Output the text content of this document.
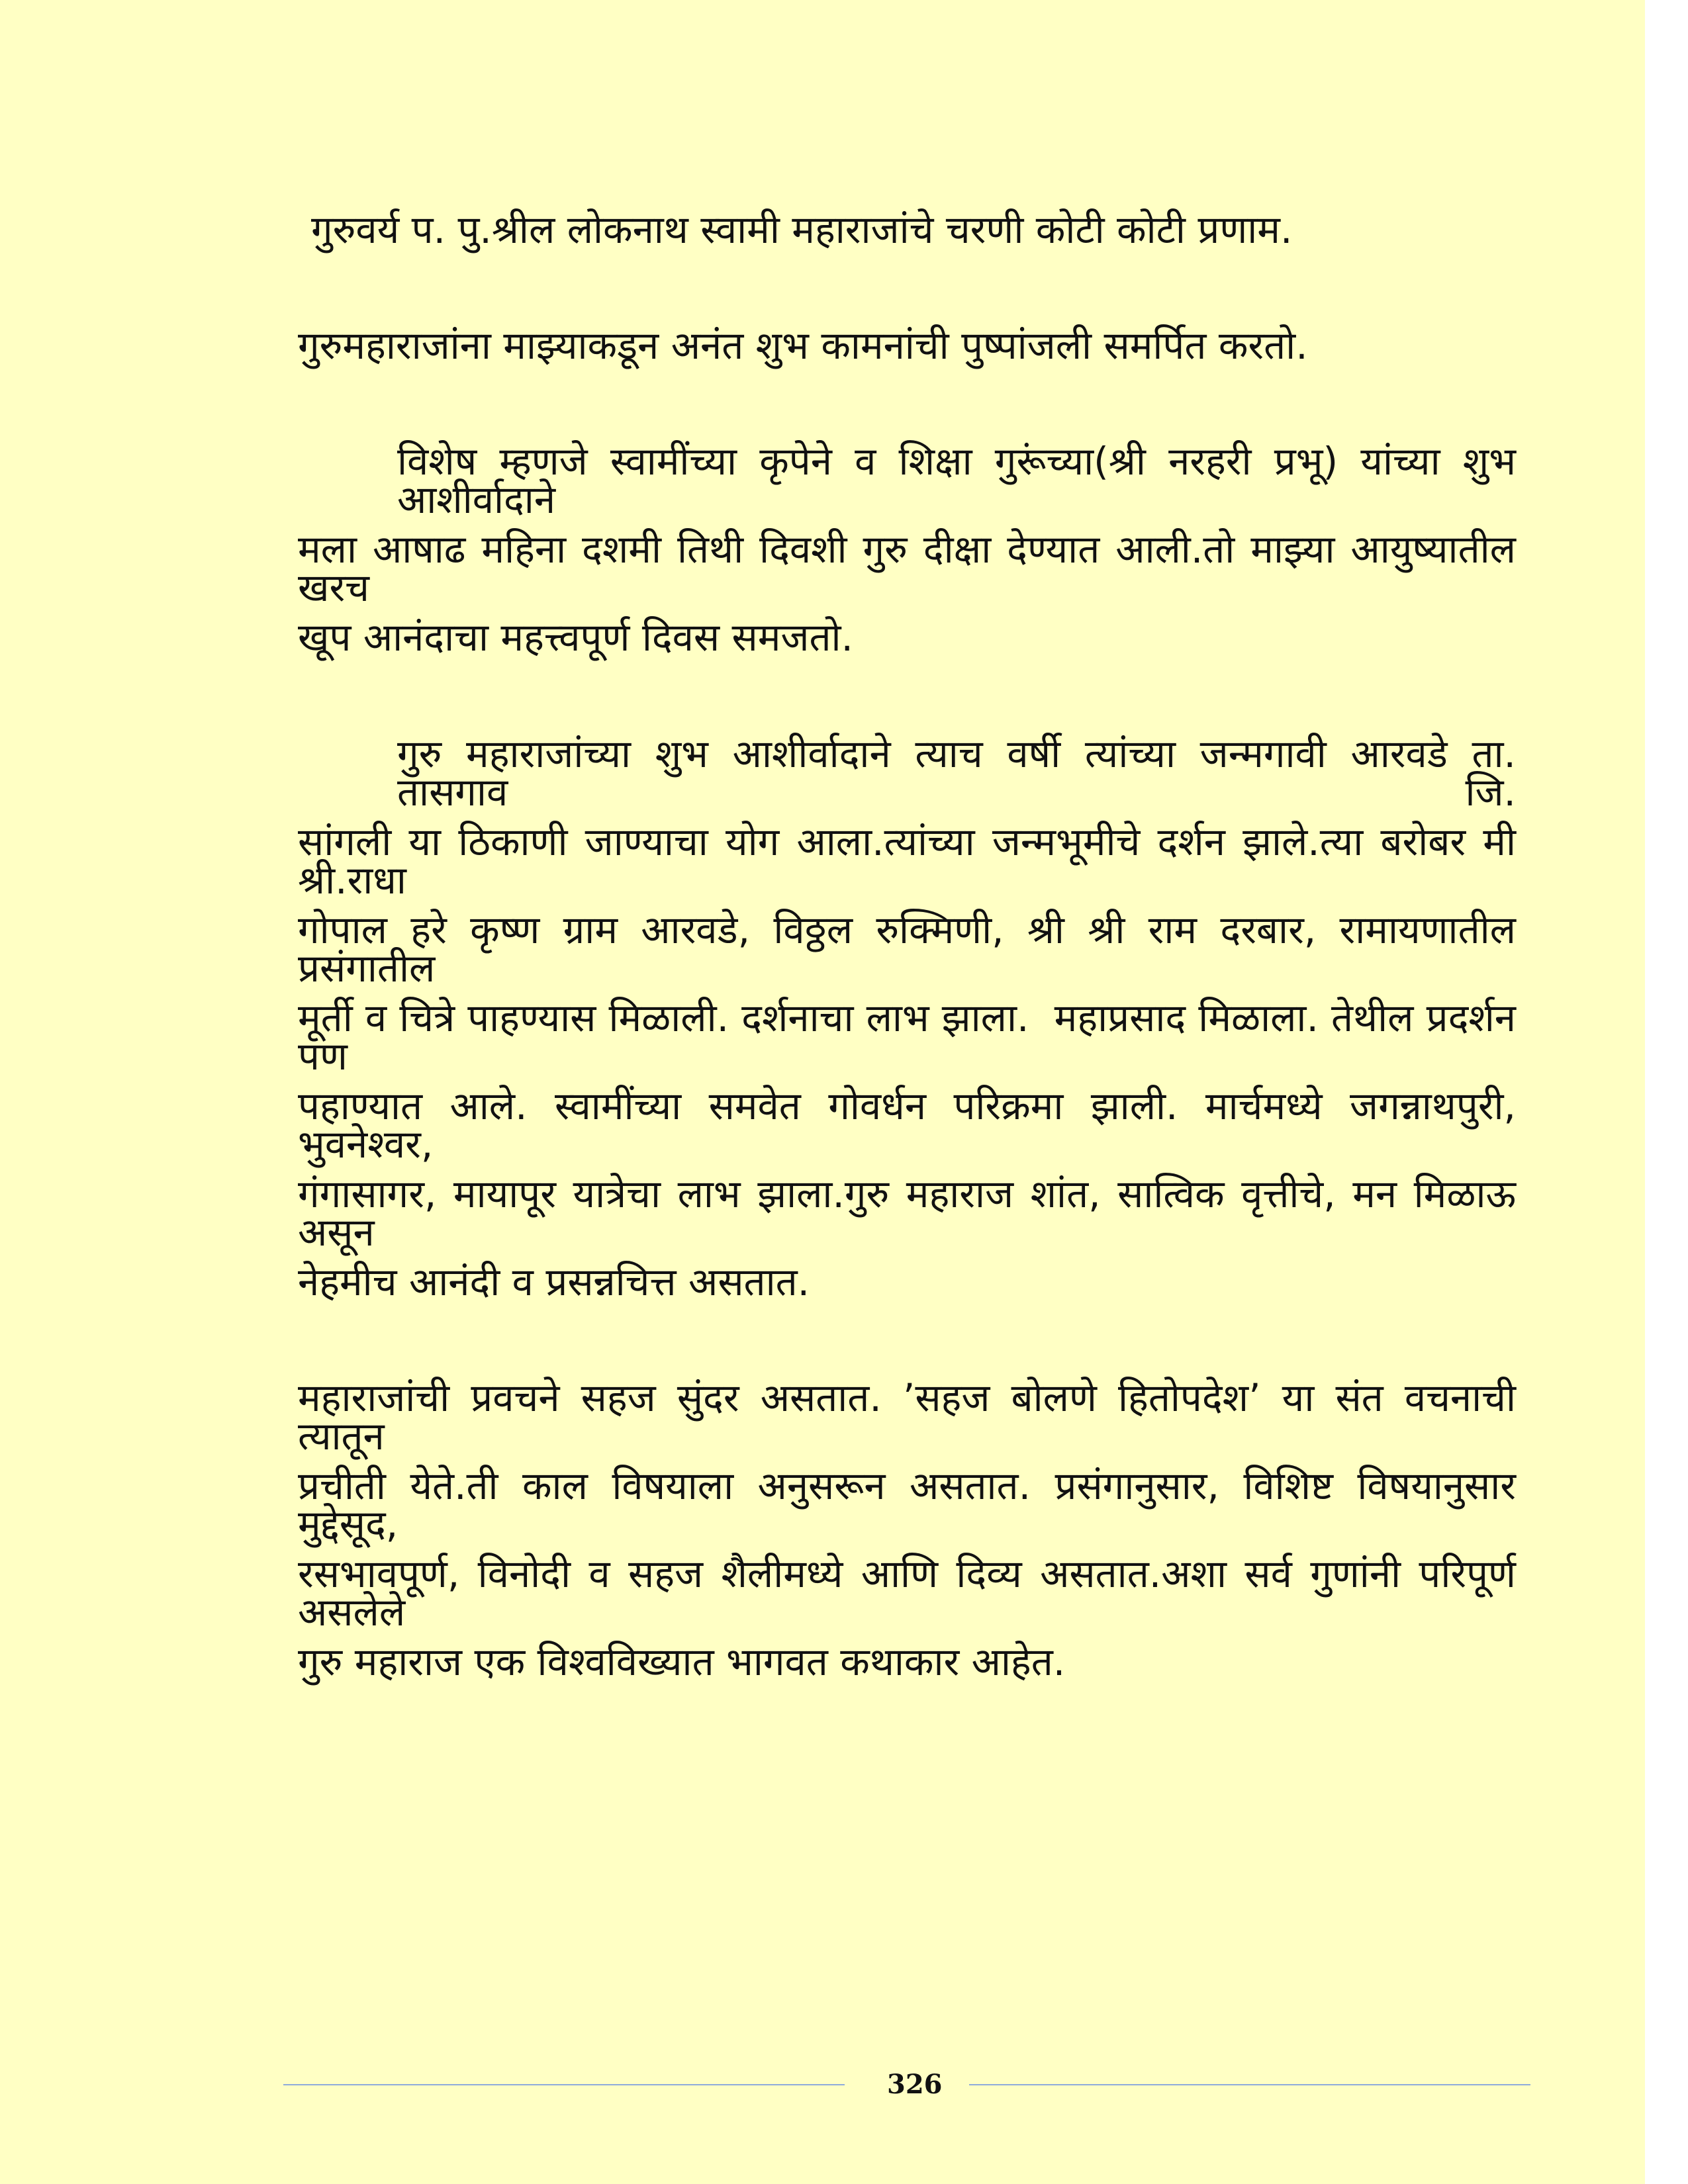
गुरुवर्य प. पु.श्रील लोकनाथ स्वामी महाराजांचे चरणी कोटी कोटी प्रणाम.
गुरुमहाराजांना माझ्याकडून अनंत शुभ कामनांची पुष्पांजली समर्पित करतो.
विशेष म्हणजे स्वामींच्या कृपेने व शिक्षा गुरूंच्या(श्री नरहरी प्रभू) यांच्या शुभ आशीर्वादाने
मला आषाढ महिना दशमी तिथी दिवशी गुरु दीक्षा देण्यात आली.तो माझ्या आयुष्यातील खरच
खूप आनंदाचा महत्त्वपूर्ण दिवस समजतो.
गुरु महाराजांच्या शुभ आशीर्वादाने त्याच वर्षी त्यांच्या जन्मगावी आरवडे ता. तासगाव जि.
सांगली या ठिकाणी जाण्याचा योग आला.त्यांच्या जन्मभूमीचे दर्शन झाले.त्या बरोबर मी श्री.राधा
गोपाल हरे कृष्ण ग्राम आरवडे, विठ्ठल रुक्मिणी, श्री श्री राम दरबार, रामायणातील प्रसंगातील
मूर्ती व चित्रे पाहण्यास मिळाली. दर्शनाचा लाभ झाला.  महाप्रसाद मिळाला. तेथील प्रदर्शन पण
पहाण्यात आले. स्वामींच्या समवेत गोवर्धन परिक्रमा झाली. मार्चमध्ये जगन्नाथपुरी, भुवनेश्वर,
गंगासागर, मायापूर यात्रेचा लाभ झाला.गुरु महाराज शांत, सात्विक वृत्तीचे, मन मिळाऊ असून
नेहमीच आनंदी व प्रसन्नचित्त असतात.
महाराजांची प्रवचने सहज सुंदर असतात. ’सहज बोलणे हितोपदेश’ या संत वचनाची त्यातून
प्रचीती येते.ती काल विषयाला अनुसरून असतात. प्रसंगानुसार, विशिष्ट विषयानुसार मुद्देसूद,
रसभावपूर्ण, विनोदी व सहज शैलीमध्ये आणि दिव्य असतात.अशा सर्व गुणांनी परिपूर्ण असलेले
गुरु महाराज एक विश्वविख्यात भागवत कथाकार आहेत.
326
